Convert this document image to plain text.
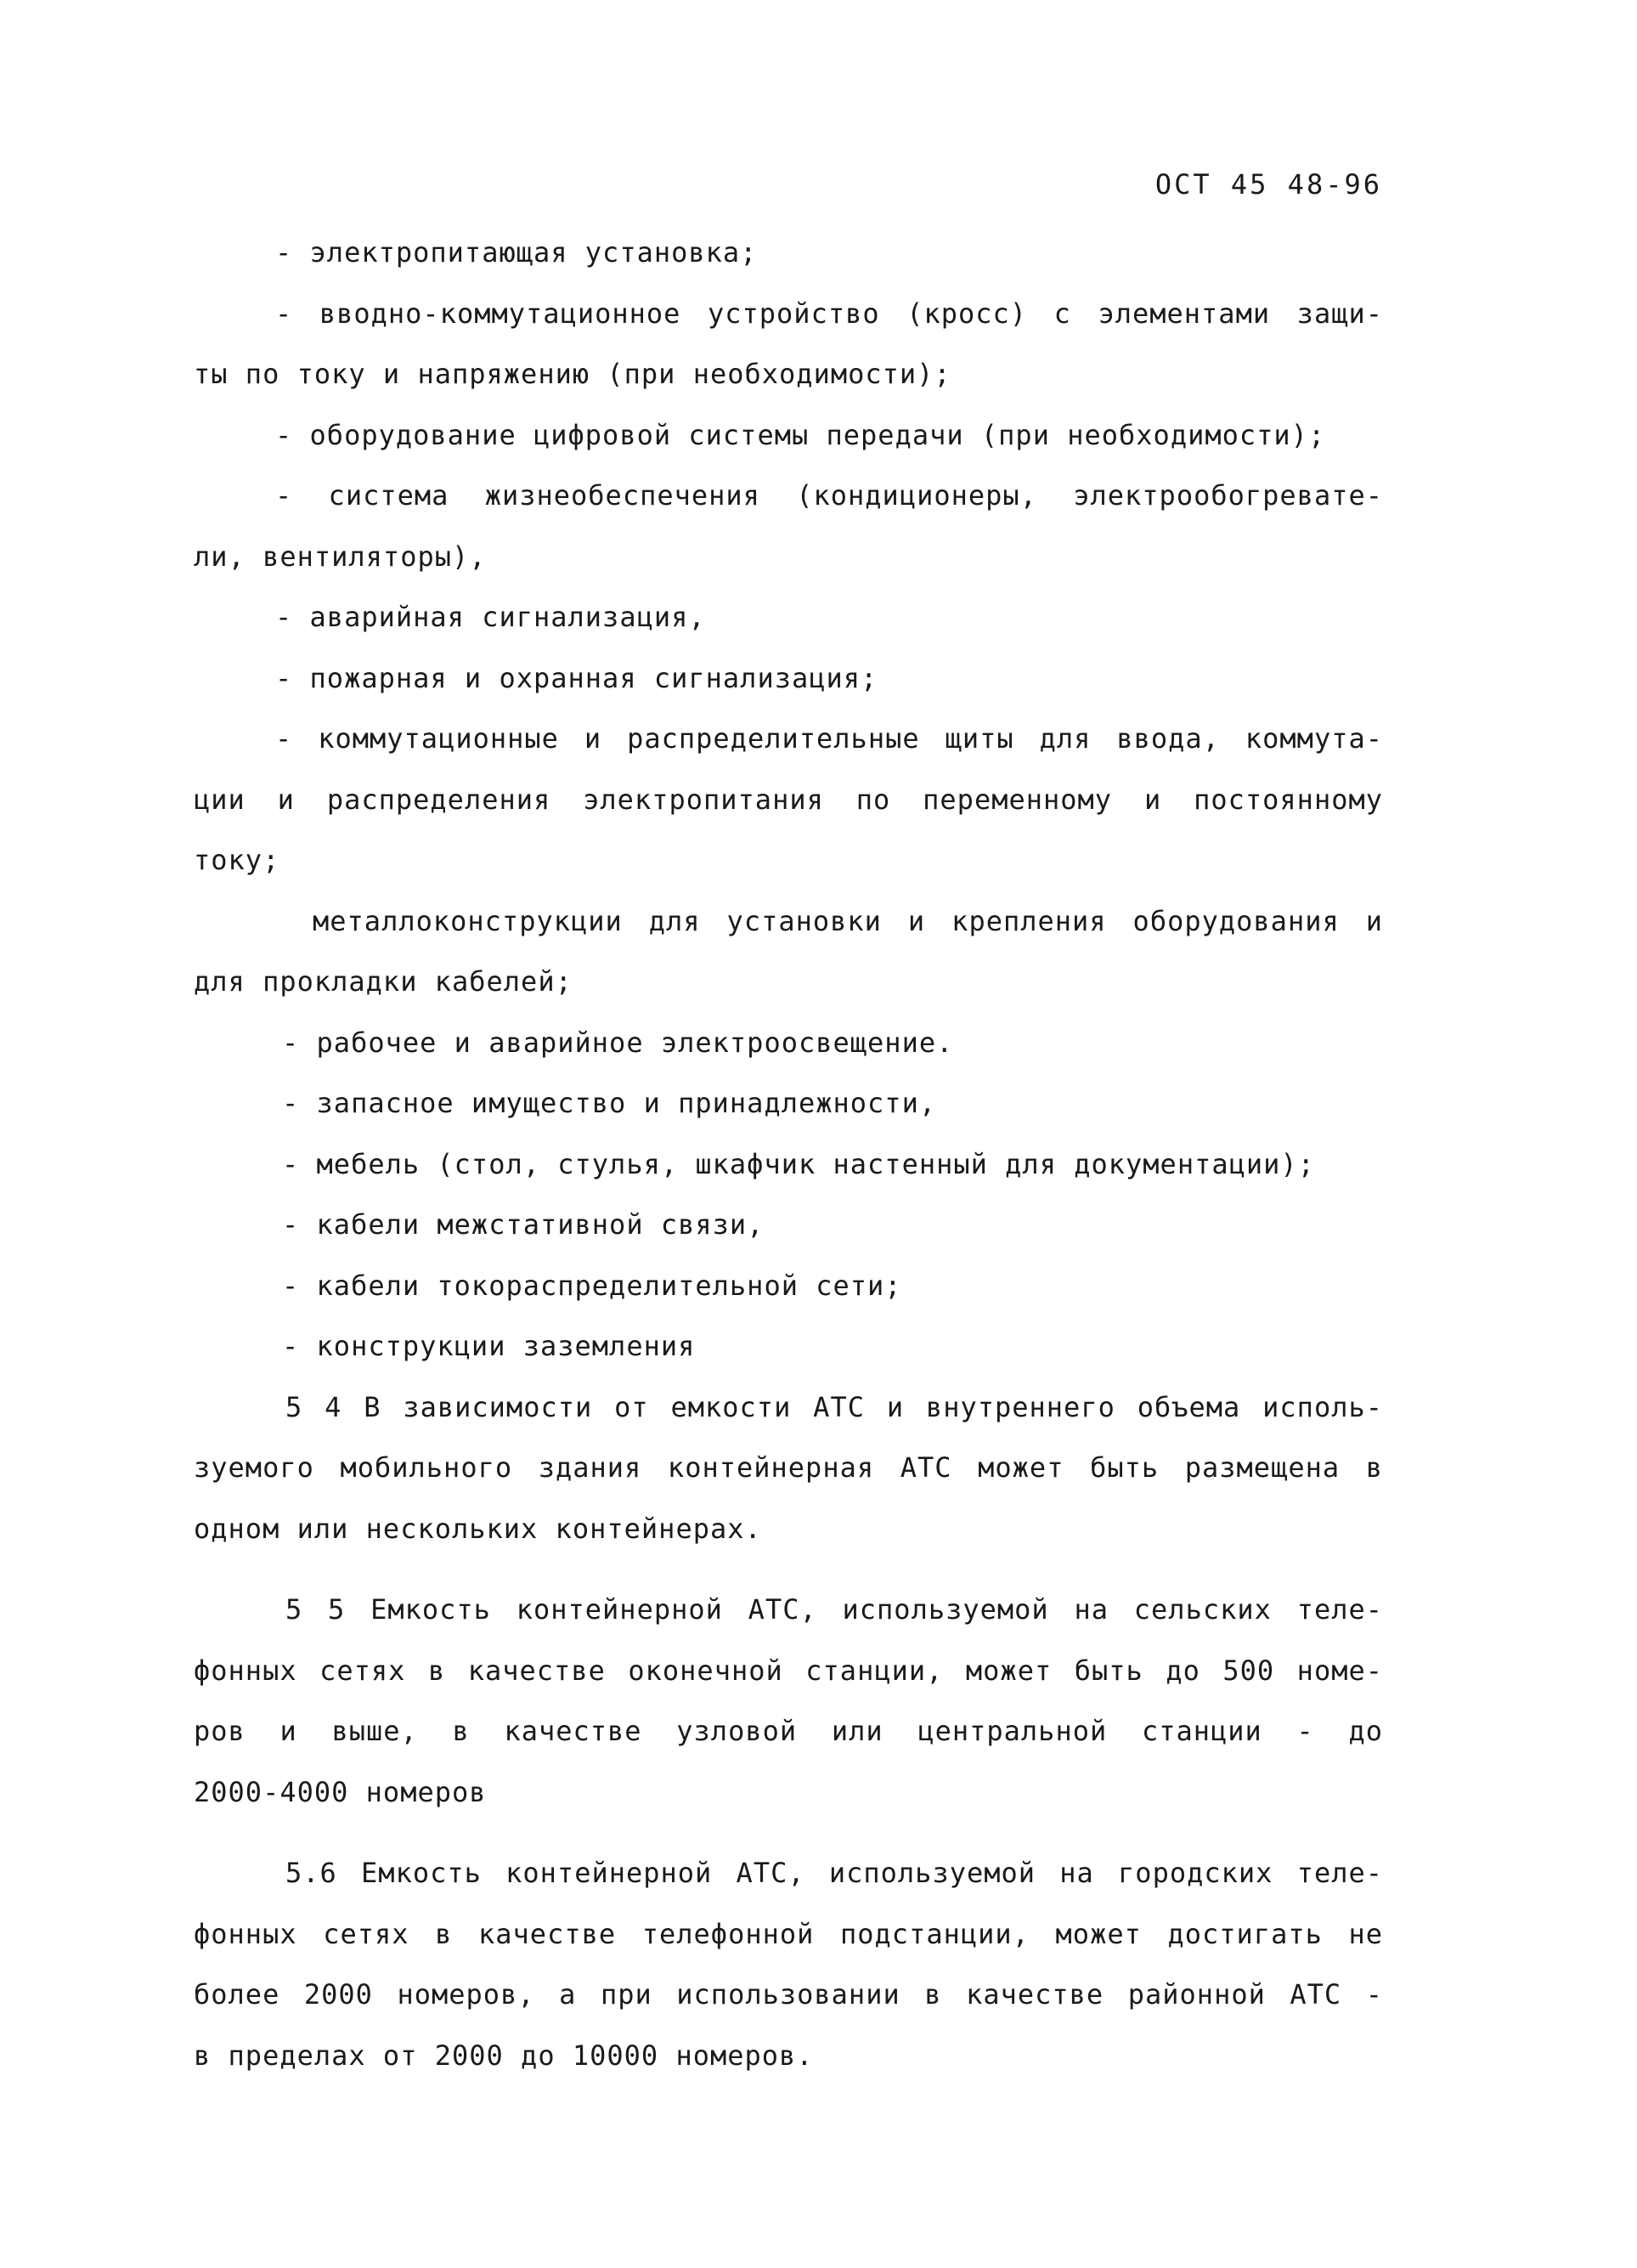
ОСТ 45 48-96
- электропитающая установка;
- вводно-коммутационное устройство (кросс) с элементами защи-
ты по току и напряжению (при необходимости);
- оборудование цифровой системы передачи (при необходимости);
- система жизнеобеспечения (кондиционеры, электрообогревате-
ли, вентиляторы),
- аварийная сигнализация,
- пожарная и охранная сигнализация;
- коммутационные и распределительные щиты для ввода, коммута-
ции и распределения электропитания по переменному и постоянному
току;
металлоконструкции для установки и крепления оборудования и
для прокладки кабелей;
- рабочее и аварийное электроосвещение.
- запасное имущество и принадлежности,
- мебель (стол, стулья, шкафчик настенный для документации);
- кабели межстативной связи,
- кабели токораспределительной сети;
- конструкции заземления
5 4 В зависимости от емкости АТС и внутреннего объема исполь-
зуемого мобильного здания контейнерная АТС может быть размещена в
одном или нескольких контейнерах.
5 5 Емкость контейнерной АТС, используемой на сельских теле-
фонных сетях в качестве оконечной станции, может быть до 500 номе-
ров и выше, в качестве узловой или центральной станции - до
2000-4000 номеров
5.6 Емкость контейнерной АТС, используемой на городских теле-
фонных сетях в качестве телефонной подстанции, может достигать не
более 2000 номеров, а при использовании в качестве районной АТС -
в пределах от 2000 до 10000 номеров.
